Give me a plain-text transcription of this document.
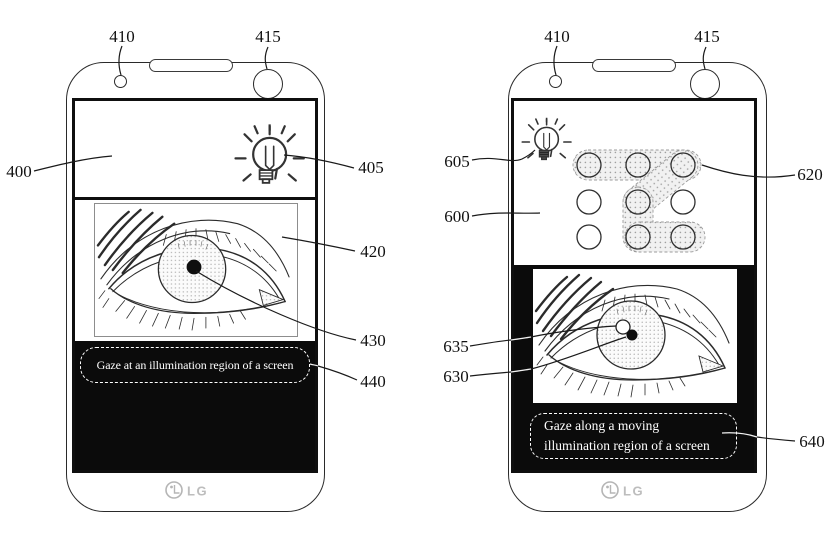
Gaze at an illumination region of a screen
LG
410	415
400	405
420
430
440
Gaze along a moving
illumination region of a screen
LG
410	415
605
600
620
635
630
640
